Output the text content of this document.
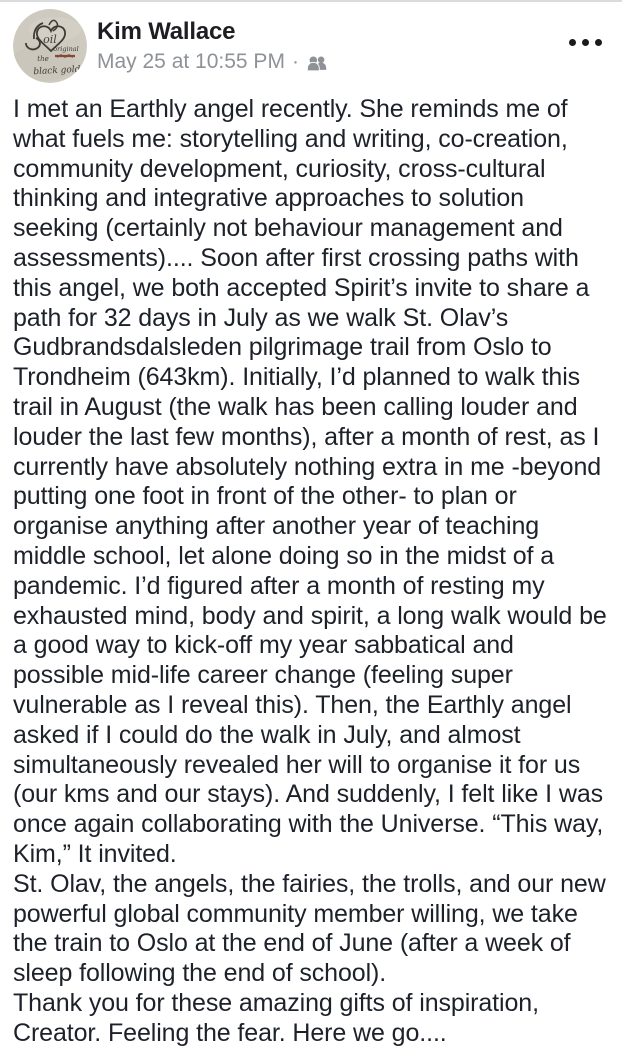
oil
original
the
black gold
Kim Wallace
May 25 at 10:55 PM ·

I met an Earthly angel recently. She reminds me of what fuels me: storytelling and writing, co-creation, community development, curiosity, cross-cultural thinking and integrative approaches to solution seeking (certainly not behaviour management and assessments).... Soon after first crossing paths with this angel, we both accepted Spirit’s invite to share a path for 32 days in July as we walk St. Olav’s Gudbrandsdalsleden pilgrimage trail from Oslo to Trondheim (643km). Initially, I’d planned to walk this trail in August (the walk has been calling louder and louder the last few months), after a month of rest, as I currently have absolutely nothing extra in me -beyond putting one foot in front of the other- to plan or organise anything after another year of teaching middle school, let alone doing so in the midst of a pandemic. I’d figured after a month of resting my exhausted mind, body and spirit, a long walk would be a good way to kick-off my year sabbatical and possible mid-life career change (feeling super vulnerable as I reveal this). Then, the Earthly angel asked if I could do the walk in July, and almost simultaneously revealed her will to organise it for us (our kms and our stays). And suddenly, I felt like I was once again collaborating with the Universe. “This way, Kim,” It invited.

St. Olav, the angels, the fairies, the trolls, and our new powerful global community member willing, we take the train to Oslo at the end of June (after a week of sleep following the end of school).

Thank you for these amazing gifts of inspiration, Creator. Feeling the fear. Here we go....
